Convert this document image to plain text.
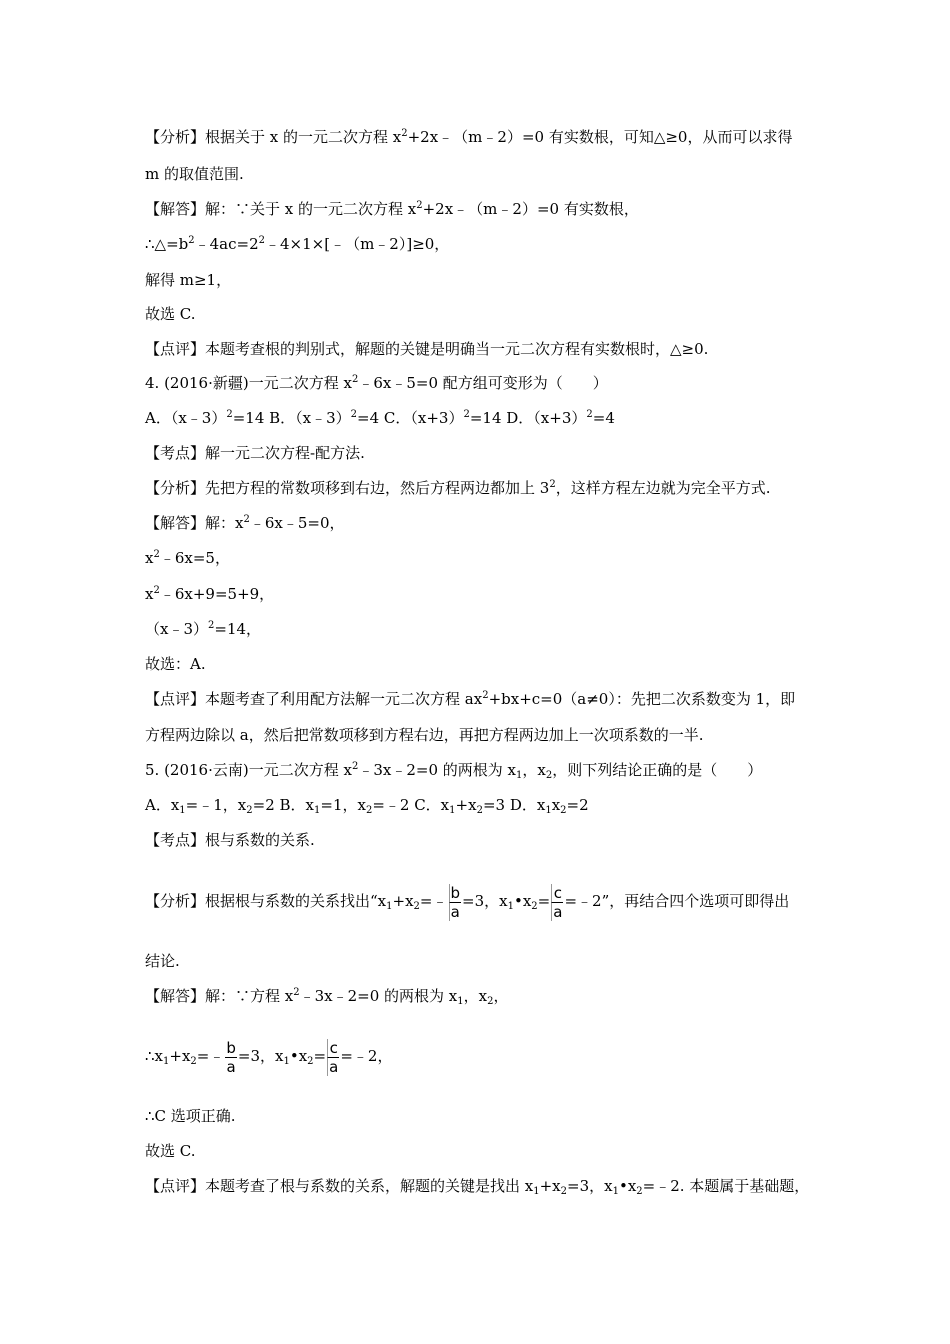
【分析】根据关于 x 的一元二次方程 $x^2+2x﹣(m﹣2)=0$ 有实数根，可知△≥0，从而可以求得
m 的取值范围.
【解答】解：∵关于 x 的一元二次方程 $x^2+2x﹣(m﹣2)=0$ 有实数根，
$\therefore\triangle=b^2﹣4ac=2^2﹣4\times 1\times[﹣(m﹣2)]\ge 0$，
解得 m≥1，
故选 C.
【点评】本题考查根的判别式，解题的关键是明确当一元二次方程有实数根时，△≥0.
4. (2016·新疆)一元二次方程 $x^2﹣6x﹣5=0$ 配方组可变形为（　　）
A．（x﹣3）$^2$=14 B．（x﹣3）$^2$=4 C．$(x+3)^2=14$ D．$(x+3)^2=4$
【考点】解一元二次方程-配方法.
【分析】先把方程的常数项移到右边，然后方程两边都加上 $3^2$，这样方程左边就为完全平方式.
【解答】解：$x^2﹣6x﹣5=0$，
$x^2﹣6x=5$，
$x^2﹣6x+9=5+9$，
（x﹣3）$^2$=14，
故选：A.
【点评】本题考查了利用配方法解一元二次方程 $ax^2+bx+c=0(a\ne 0)$：先把二次系数变为 1，即
方程两边除以 a，然后把常数项移到方程右边，再把方程两边加上一次项系数的一半.
5. (2016·云南)一元二次方程 $x^2﹣3x﹣2=0$ 的两根为 $x_1$，$x_2$，则下列结论正确的是（　　）
A．$x_1=﹣1$，$x_2=2$ B．$x_1=1$，$x_2=﹣2$ C．$x_1+x_2=3$ D．$x_1x_2=2$
【考点】根与系数的关系.
【分析】根据根与系数的关系找出“$x_1+x_2=﹣ \frac{b}{a} =3$，$x_1•x_2= \frac{c}{a}$ =﹣2”，再结合四个选项可即得出
结论.
【解答】解：∵方程 $x^2﹣3x﹣2=0$ 的两根为 $x_1$，$x_2$，
$\therefore x_1+x_2=﹣ \frac{b}{a} =3$，$x_1•x_2= \frac{c}{a}$ =﹣2，
∴C 选项正确.
故选 C.
【点评】本题考查了根与系数的关系，解题的关键是找出 $x_1+x_2=3$，$x_1•x_2=﹣2$. 本题属于基础题，
